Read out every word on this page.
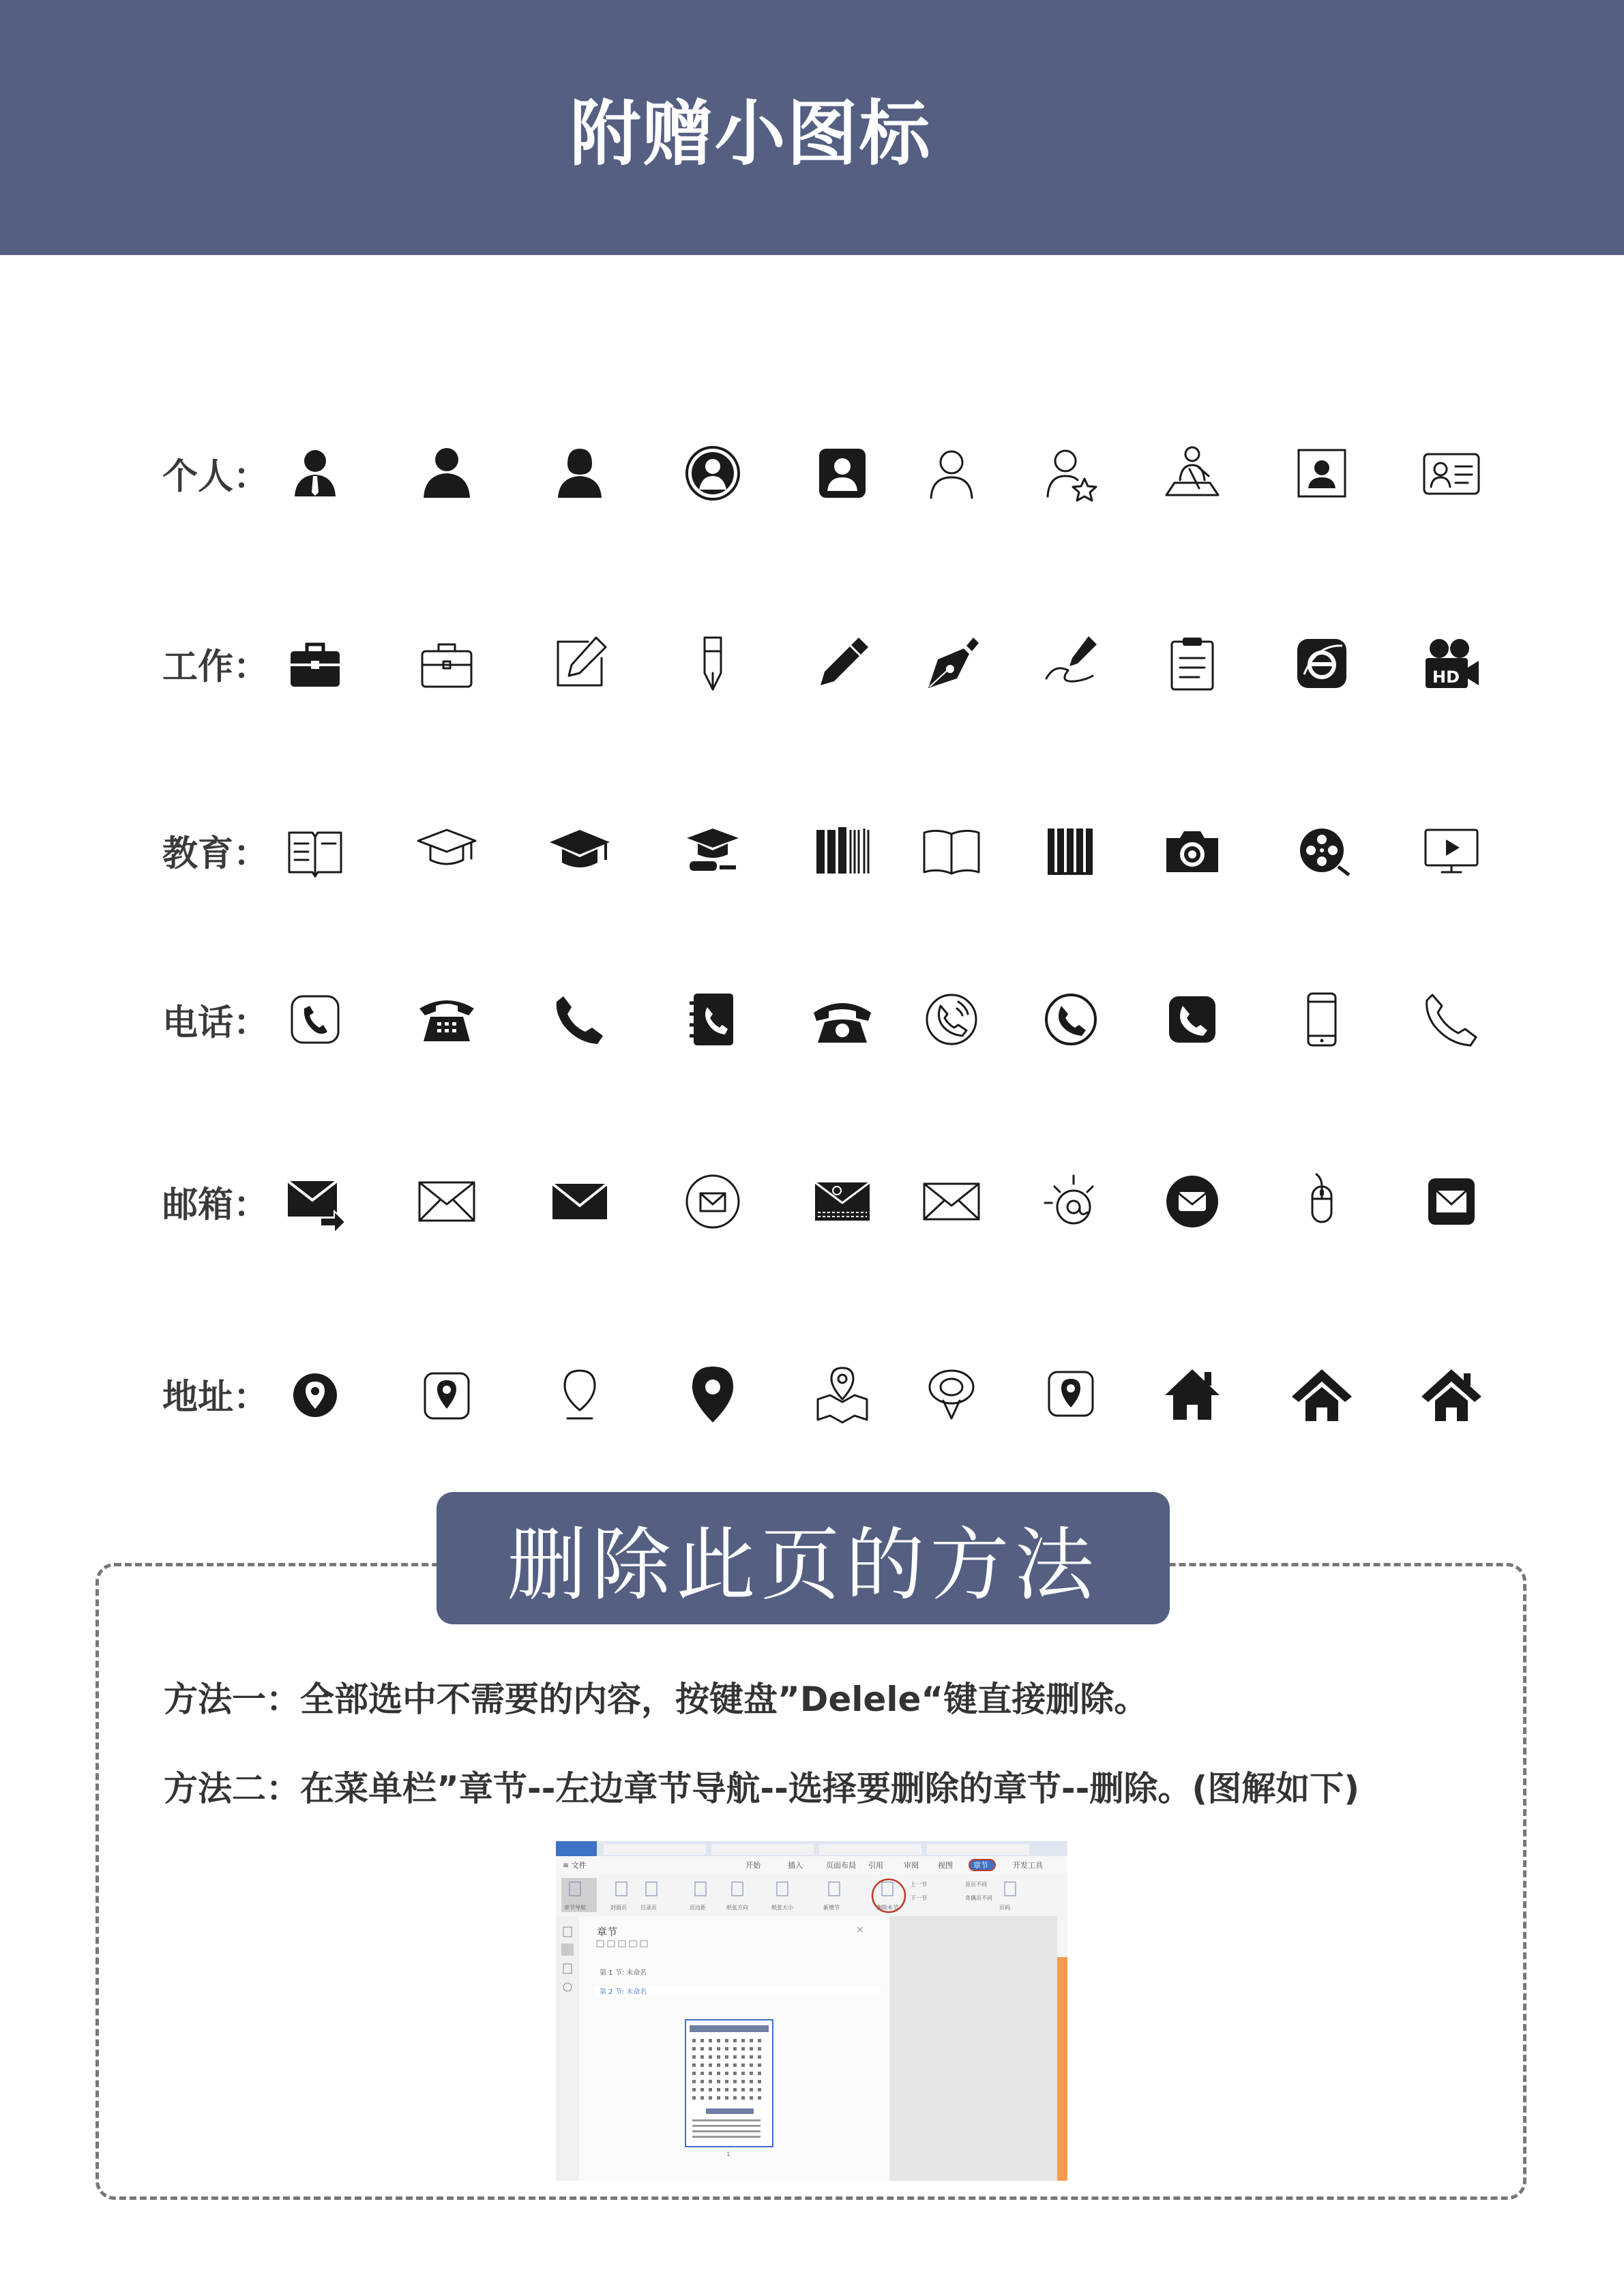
附赠小图标
个人：
工作：	HD
教育：
电话：
邮箱：
地址：
删除此页的方法
方法一：全部选中不需要的内容，按键盘”Delele“键直接删除。
方法二：在菜单栏”章节--左边章节导航--选择要删除的章节--删除。(图解如下)
≡ 文件	开始	插入	页面布局 引用	审阅	视图	章节	开发工具
章节导航	封面页	目录页	页边距	纸张方向	纸张大小	新增节	删除本节
上一节
下一节
首页不同
奇偶页不同
页码
章节	×
第 1 节: 未命名
第 2 节: 未命名
1
